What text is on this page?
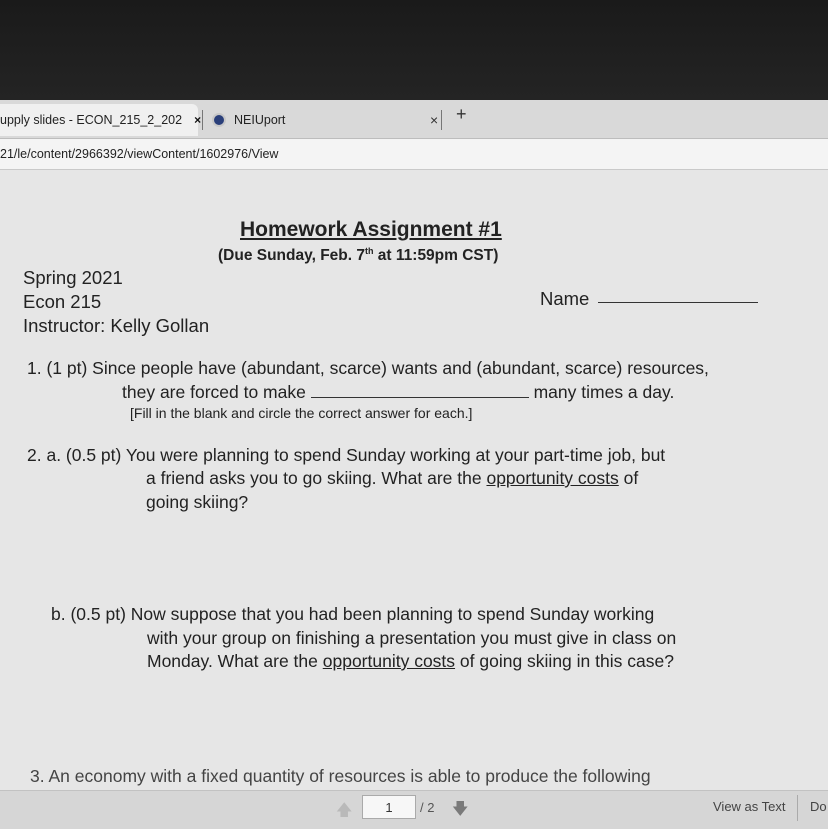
upply slides - ECON_215_2_202 ×	NEIUport	× +
21/le/content/2966392/viewContent/1602976/View
Homework Assignment #1
(Due Sunday, Feb. 7th at 11:59pm CST)
Spring 2021
Econ 215
Instructor: Kelly Gollan
Name
1. (1 pt) Since people have (abundant, scarce) wants and (abundant, scarce) resources,
they are forced to make	many times a day.
[Fill in the blank and circle the correct answer for each.]
2. a. (0.5 pt) You were planning to spend Sunday working at your part-time job, but
a friend asks you to go skiing. What are the opportunity costs of
going skiing?
b. (0.5 pt) Now suppose that you had been planning to spend Sunday working
with your group on finishing a presentation you must give in class on
Monday. What are the opportunity costs of going skiing in this case?
3. An economy with a fixed quantity of resources is able to produce the following
🡅	1	/ 2 🡇	View as Text Do
